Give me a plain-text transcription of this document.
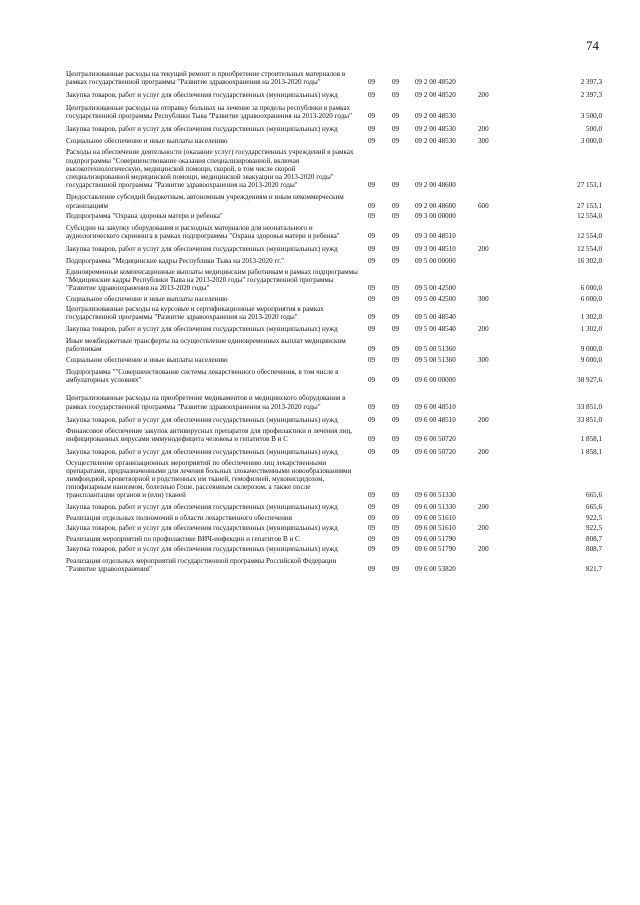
74
Централизованные расходы на текущий ремонт и приобретение строительных материалов в рамках государственной программы "Развитие здравоохранения на 2013-2020 годы"	09	09	09 2 00 48520	2 397,3
Закупка товаров, работ и услуг для обеспечения государственных (муниципальных) нужд	09	09	09 2 00 48520	200	2 397,3
Централизованные расходы на отправку больных на лечение за пределы республики в рамках государственной программы Республики Тыва "Развитие здравоохранения на 2013-2020 годы"	09	09	09 2 00 48530	3 500,0
Закупка товаров, работ и услуг для обеспечения государственных (муниципальных) нужд	09	09	09 2 00 48530	200	500,0
Социальное обеспечение и иные выплаты населению	09	09	09 2 00 48530	300	3 000,0
Расходы на обеспечение деятельности (оказание услуг) государственных учреждений в рамках подпрограммы "Совершенствование оказания специализированной, включая высокотехнологическую, медицинской помощи, скорой, в том числе скорой специализированной медицинской помощи, медицинской эвакуации на 2013-2020 годы" государственной программы "Развитие здравоохранения на 2013-2020 годы"	09	09	09 2 00 48600	27 153,1
Предоставление субсидий бюджетным, автономным учреждениям и иным некоммерческим организациям	09	09	09 2 00 48600	600	27 153,1
Подпрограмма "Охрана здоровья матери и ребенка"	09	09	09 3 00 00000	12 554,0
Субсидии на закупку оборудования и расходных материалов для неонатального и аудиологического скрининга в рамках подпрограммы "Охрана здоровья матери и ребенка"	09	09	09 3 00 48510	12 554,0
Закупка товаров, работ и услуг для обеспечения государственных (муниципальных) нужд	09	09	09 3 00 48510	200	12 554,0
Подпрограмма "Медицинские кадры Республики Тыва на 2013-2020 гг."	09	09	09 5 00 00000	16 302,0
Единовременные компенсационные выплаты медицинским работникам в рамках подпрограммы "Медицинские кадры Республики Тыва на 2013-2020 годы" государственной программы "Развитие здравоохранения на 2013-2020 годы"	09	09	09 5 00 42500	6 000,0
Социальное обеспечение и иные выплаты населению	09	09	09 5 00 42500	300	6 000,0
Централизованные расходы на курсовые и сертификационные мероприятия в рамках государственной программы "Развитие здравоохранения на 2013-2020 годы"	09	09	09 5 00 48540	1 302,0
Закупка товаров, работ и услуг для обеспечения государственных (муниципальных) нужд	09	09	09 5 00 48540	200	1 302,0
Иные межбюджетные трансферты на осуществление единовременных выплат медицинским работникам	09	09	09 5 00 51360	9 000,0
Социальное обеспечение и иные выплаты населению	09	09	09 5 00 51360	300	9 000,0
Подпрограмма ""Совершенствование системы лекарственного обеспечения, в том числе в амбулаторных условиях"	09	09	09 6 00 00000	38 927,6
Централизованные расходы на приобретение медикаментов и медицинского оборудования в рамках государственной программы "Развитие здравоохранения на 2013-2020 годы"	09	09	09 6 00 48510	33 851,0
Закупка товаров, работ и услуг для обеспечения государственных (муниципальных) нужд	09	09	09 6 00 48510	200	33 851,0
Финансовое обеспечение закупок антивирусных препаратов для профилактики и лечения лиц, инфицированных вирусами иммунодефицита человека и гепатитов В и С	09	09	09 6 00 50720	1 858,1
Закупка товаров, работ и услуг для обеспечения государственных (муниципальных) нужд	09	09	09 6 00 50720	200	1 858,1
Осуществление организационных мероприятий по обеспечению лиц лекарственными препаратами, предназначенными для лечения больных злокачественными новообразованиями лимфоидной, кроветворной и родственных им тканей, гемофилией, муковисцидозом, гипофизарным нанизмом, болезнью Гоше, рассеянным склерозом, а также после трансплантации органов и (или) тканей	09	09	09 6 00 51330	665,6
Закупка товаров, работ и услуг для обеспечения государственных (муниципальных) нужд	09	09	09 6 00 51330	200	665,6
Реализация отдельных полномочий в области лекарственного обеспечения	09	09	09 6 00 51610	922,5
Закупка товаров, работ и услуг для обеспечения государственных (муниципальных) нужд	09	09	09 6 00 51610	200	922,5
Реализация мероприятий по профилактике ВИЧ-инфекции и гепатитов В и С	09	09	09 6 00 51790	808,7
Закупка товаров, работ и услуг для обеспечения государственных (муниципальных) нужд	09	09	09 6 00 51790	200	808,7
Реализация отдельных мероприятий государственной программы Российской Федерации "Развитие здравоохранения"	09	09	09 6 00 53820	821,7
